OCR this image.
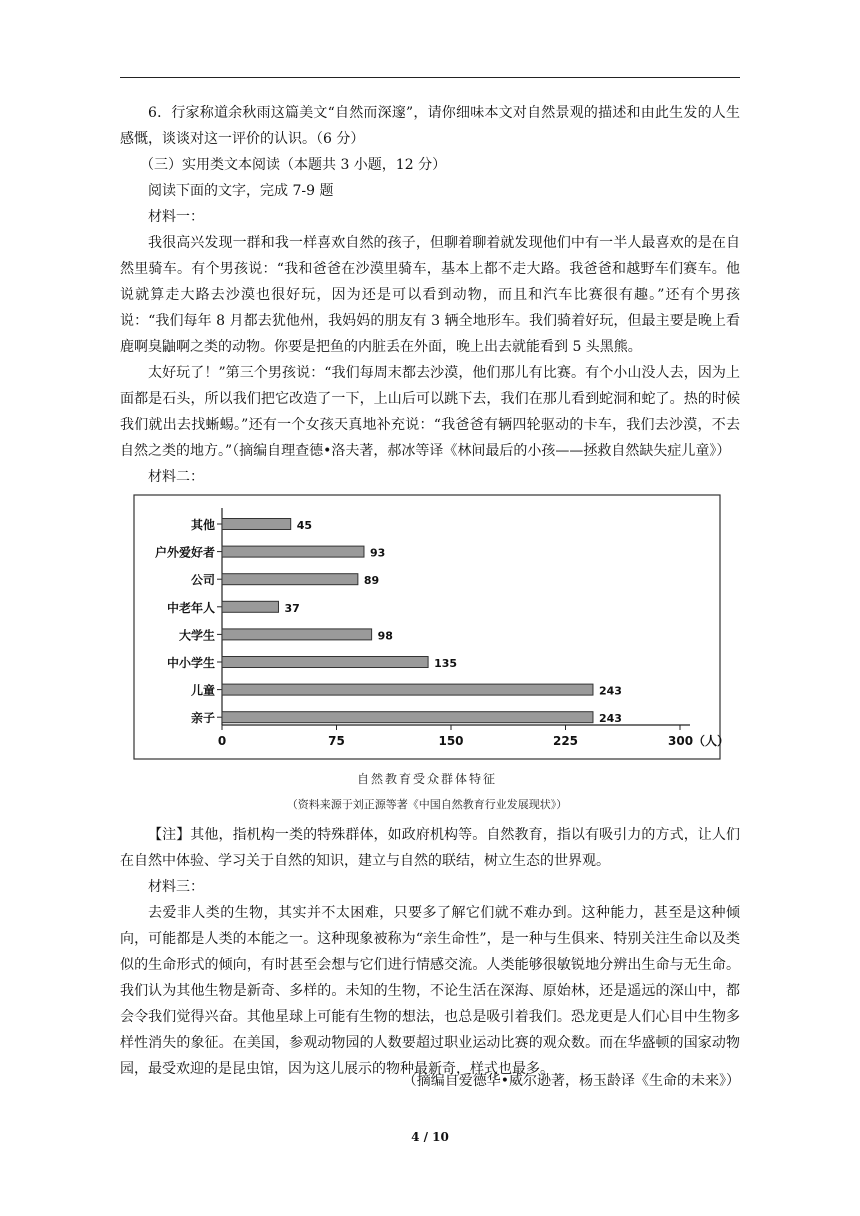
6．行家称道余秋雨这篇美文“自然而深邃”，请你细味本文对自然景观的描述和由此生发的人生感慨，谈谈对这一评价的认识。（6 分）

（三）实用类文本阅读（本题共 3 小题，12 分）

阅读下面的文字，完成 7-9 题

材料一：

我很高兴发现一群和我一样喜欢自然的孩子，但聊着聊着就发现他们中有一半人最喜欢的是在自然里骑车。有个男孩说：“我和爸爸在沙漠里骑车，基本上都不走大路。我爸爸和越野车们赛车。他说就算走大路去沙漠也很好玩，因为还是可以看到动物，而且和汽车比赛很有趣。”还有个男孩说：“我们每年 8 月都去犹他州，我妈妈的朋友有 3 辆全地形车。我们骑着好玩，但最主要是晚上看鹿啊臭鼬啊之类的动物。你要是把鱼的内脏丢在外面，晚上出去就能看到 5 头黑熊。

太好玩了！”第三个男孩说：“我们每周末都去沙漠，他们那儿有比赛。有个小山没人去，因为上面都是石头，所以我们把它改造了一下，上山后可以跳下去，我们在那儿看到蛇洞和蛇了。热的时候我们就出去找蜥蜴。”还有一个女孩天真地补充说：“我爸爸有辆四轮驱动的卡车，我们去沙漠，不去自然之类的地方。”（摘编自理查德•洛夫著，郝冰等译《林间最后的小孩——拯救自然缺失症儿童》）

材料二：

其他	45
户外爱好者	93
公司	89
中老年人	37
大学生	98
中小学生	135
儿童	243
亲子	243
0	75	150	225	300（人）
自然教育受众群体特征
（资料来源于刘正源等著《中国自然教育行业发展现状》）

【注】其他，指机构一类的特殊群体，如政府机构等。自然教育，指以有吸引力的方式，让人们在自然中体验、学习关于自然的知识，建立与自然的联结，树立生态的世界观。

材料三：

去爱非人类的生物，其实并不太困难，只要多了解它们就不难办到。这种能力，甚至是这种倾向，可能都是人类的本能之一。这种现象被称为“亲生命性”，是一种与生俱来、特别关注生命以及类似的生命形式的倾向，有时甚至会想与它们进行情感交流。人类能够很敏锐地分辨出生命与无生命。我们认为其他生物是新奇、多样的。未知的生物，不论生活在深海、原始林，还是遥远的深山中，都会令我们觉得兴奋。其他星球上可能有生物的想法，也总是吸引着我们。恐龙更是人们心目中生物多样性消失的象征。在美国，参观动物园的人数要超过职业运动比赛的观众数。而在华盛顿的国家动物园，最受欢迎的是昆虫馆，因为这儿展示的物种最新奇，样式也最多。

（摘编自爱德华•威尔逊著，杨玉龄译《生命的未来》）
4 / 10
